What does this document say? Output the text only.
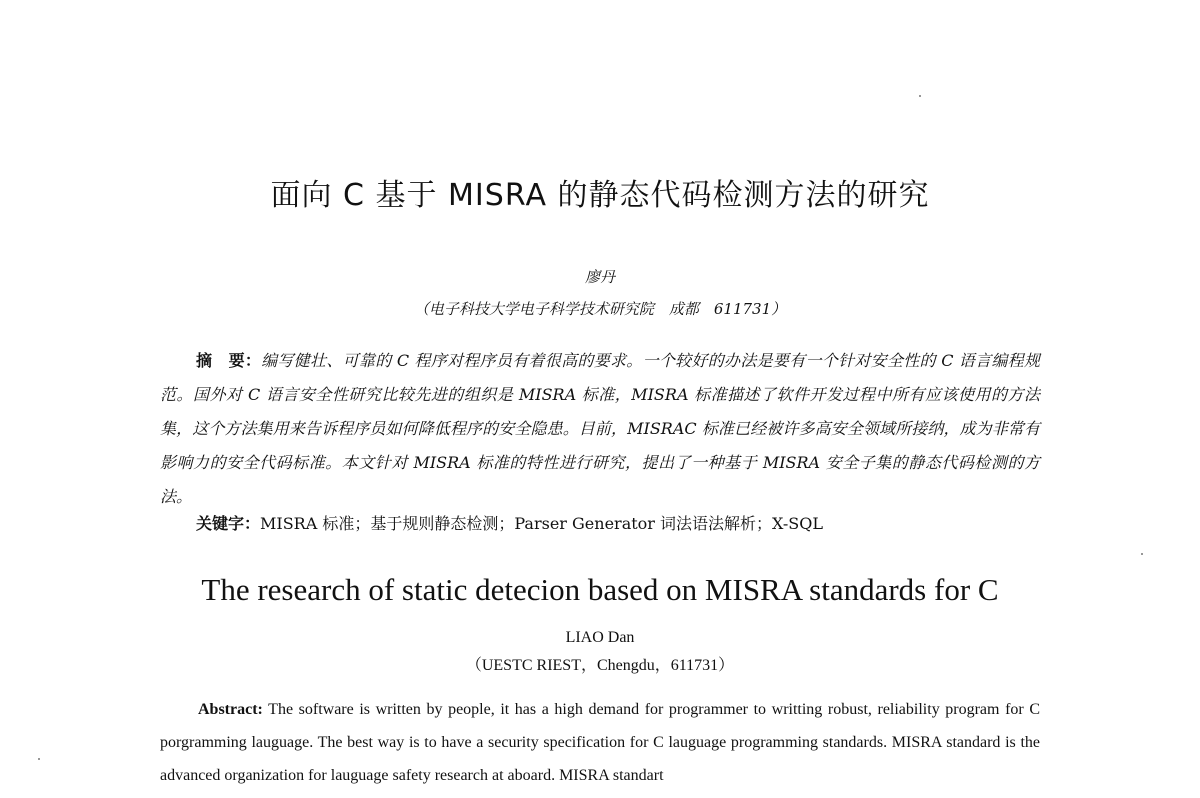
面向 C 基于 MISRA 的静态代码检测方法的研究
廖丹
（电子科技大学电子科学技术研究院　成都　611731）
摘　要：编写健壮、可靠的 C 程序对程序员有着很高的要求。一个较好的办法是要有一个针对安全性的 C 语言编程规范。国外对 C 语言安全性研究比较先进的组织是 MISRA 标准，MISRA 标准描述了软件开发过程中所有应该使用的方法集，这个方法集用来告诉程序员如何降低程序的安全隐患。目前，MISRAC 标准已经被许多高安全领域所接纳，成为非常有影响力的安全代码标准。本文针对 MISRA 标准的特性进行研究，提出了一种基于 MISRA 安全子集的静态代码检测的方法。
关键字：MISRA 标准；基于规则静态检测；Parser Generator 词法语法解析；X-SQL
The research of static detecion based on MISRA standards for C
LIAO Dan
（UESTC RIEST，Chengdu，611731）
Abstract: The software is written by people, it has a high demand for programmer to writting robust, reliability program for C porgramming lauguage. The best way is to have a security specification for C lauguage programming standards. MISRA standard is the advanced organization for lauguage safety research at aboard. MISRA standart
